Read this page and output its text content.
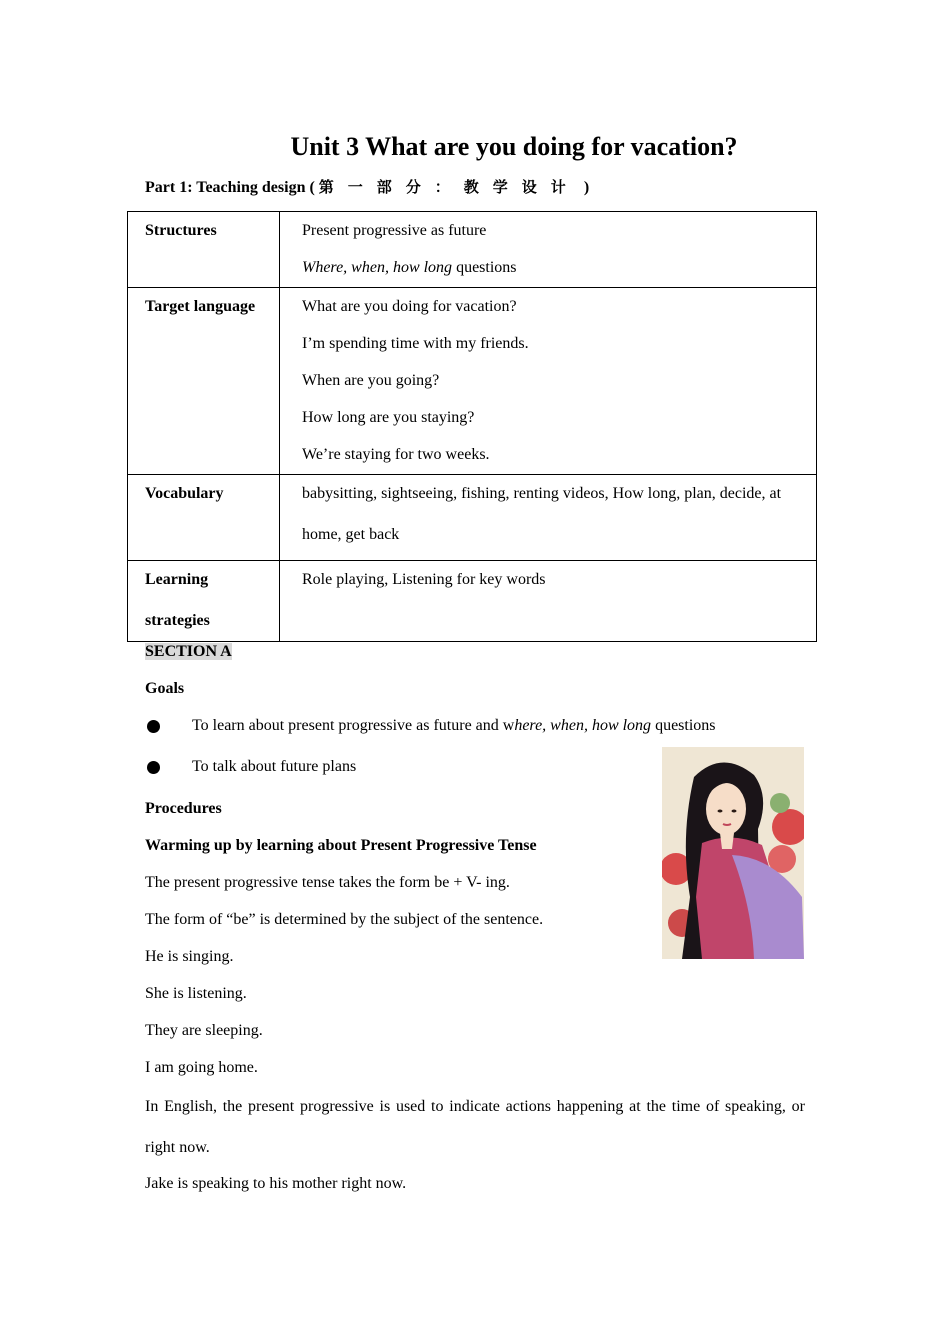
Unit 3 What are you doing for vacation?
Part 1: Teaching design ( 第一部分：教学设计 )
Structures	Present progressive as future
Where, when, how long questions

Target language	What are you doing for vacation?
I’m spending time with my friends.
When are you going?
How long are you staying?
We’re staying for two weeks.

Vocabulary	babysitting, sightseeing, fishing, renting videos, How long, plan, decide, at home, get back

Learning
strategies	Role playing, Listening for key words
SECTION A
Goals
To learn about present progressive as future and where, when, how long questions
To talk about future plans
Procedures
Warming up by learning about Present Progressive Tense
The present progressive tense takes the form be + V- ing.
The form of “be” is determined by the subject of the sentence.
He is singing.
She is listening.
They are sleeping.
I am going home.
In English, the present progressive is used to indicate actions happening at the time of speaking, or right now.
Jake is speaking to his mother right now.
